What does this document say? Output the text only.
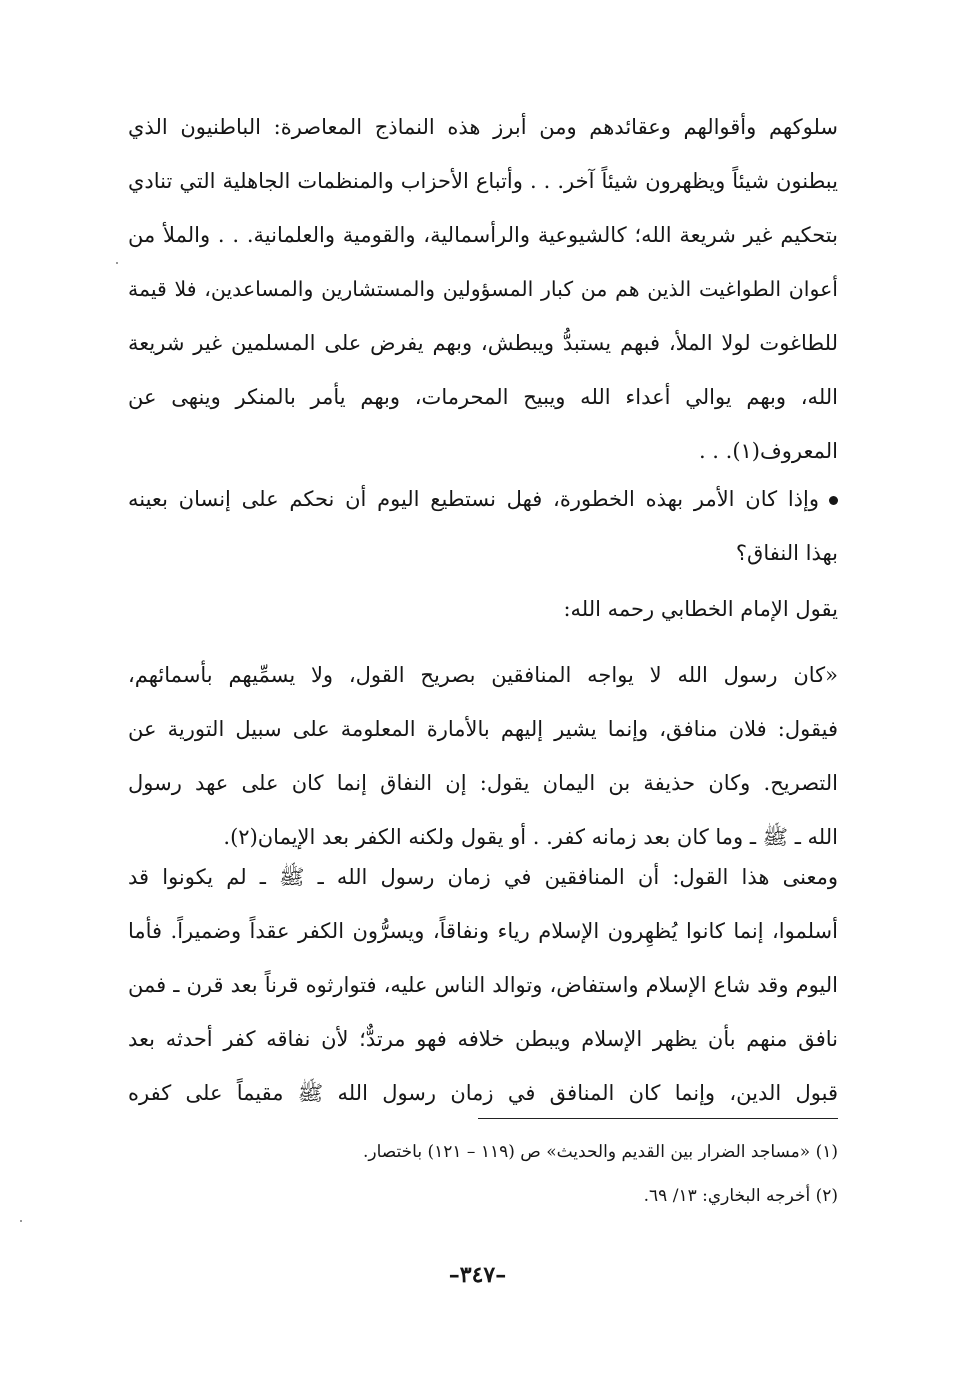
سلوكهم وأقوالهم وعقائدهم ومن أبرز هذه النماذج المعاصرة: الباطنيون الذي
يبطنون شيئاً ويظهرون شيئاً آخر. . . وأتباع الأحزاب والمنظمات الجاهلية التي تنادي
بتحكيم غير شريعة الله؛ كالشيوعية والرأسمالية، والقومية والعلمانية. . . والملأ من
أعوان الطواغيت الذين هم من كبار المسؤولين والمستشارين والمساعدين، فلا قيمة
للطاغوت لولا الملأ، فبهم يستبدُّ ويبطش، وبهم يفرض على المسلمين غير شريعة
الله، وبهم يوالي أعداء الله ويبيح المحرمات، وبهم يأمر بالمنكر وينهى عن
المعروف(١). . .
وإذا كان الأمر بهذه الخطورة، فهل نستطيع اليوم أن نحكم على إنسان بعينه
بهذا النفاق؟
يقول الإمام الخطابي رحمه الله:
«كان رسول الله لا يواجه المنافقين بصريح القول، ولا يسمِّيهم بأسمائهم،
فيقول: فلان منافق، وإنما يشير إليهم بالأمارة المعلومة على سبيل التورية عن
التصريح. وكان حذيفة بن اليمان يقول: إن النفاق إنما كان على عهد رسول
الله ـ ﷺ ـ وما كان بعد زمانه كفر. . أو يقول ولكنه الكفر بعد الإيمان(٢).
ومعنى هذا القول: أن المنافقين في زمان رسول الله ـ ﷺ ـ لم يكونوا قد
أسلموا، إنما كانوا يُظهِرون الإسلام رياء ونفاقاً، ويسرُّون الكفر عقداً وضميراً. فأما
اليوم وقد شاع الإسلام واستفاض، وتوالد الناس عليه، فتوارثوه قرناً بعد قرن ـ فمن
نافق منهم بأن يظهر الإسلام ويبطن خلافه فهو مرتدٌّ؛ لأن نفاقه كفر أحدثه بعد
قبول الدين، وإنما كان المنافق في زمان رسول الله ﷺ مقيماً على كفره
(١) «مساجد الضرار بين القديم والحديث» ص (١١٩ – ١٢١) باختصار.
(٢) أخرجه البخاري: ١٣/ ٦٩.
–٣٤٧–
